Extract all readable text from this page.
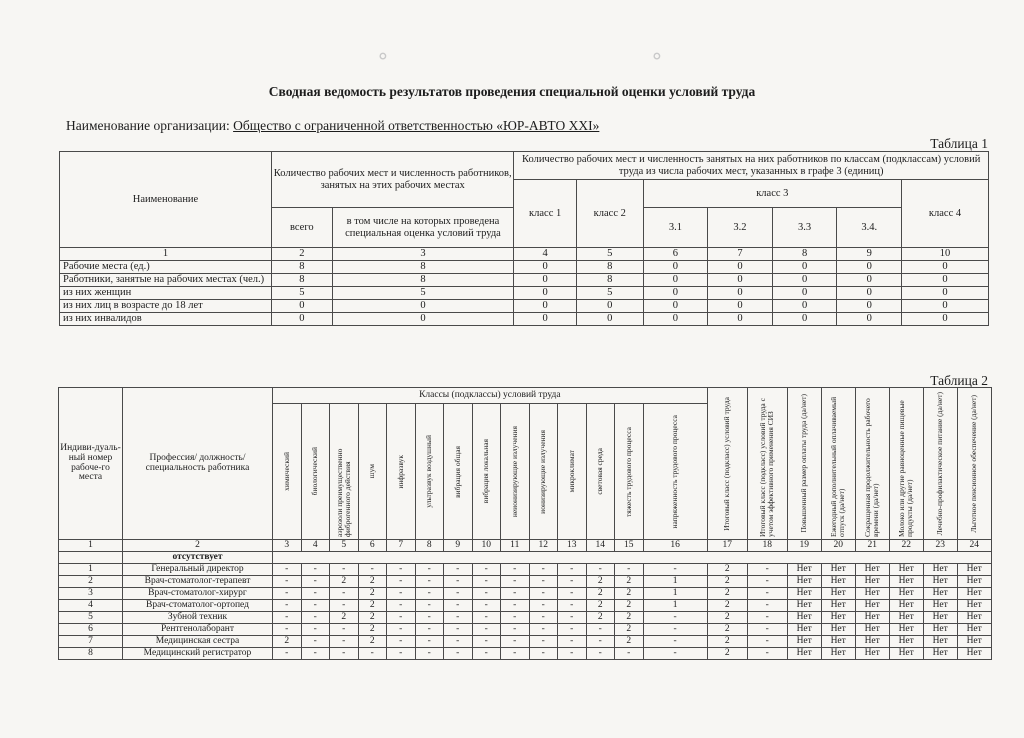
∘	∘
Сводная ведомость результатов проведения специальной оценки условий труда
Наименование организации: Общество с ограниченной ответственностью «ЮР-АВТО XXI»
Таблица 1
Наименование	Количество рабочих мест и численность работников, занятых на этих рабочих местах		Количество рабочих мест и численность занятых на них работников по классам (подклассам) условий труда из числа рабочих мест, указанных в графе 3 (единиц)						
			класс 1	класс 2	класс 3				класс 4
	всего	в том числе на которых проведена специальная оценка условий труда			3.1	3.2	3.3	3.4.	
1	2	3	4	5	6	7	8	9	10
Рабочие места (ед.)	8	8	0	8	0	0	0	0	0
Работники, занятые на рабочих местах (чел.)	8	8	0	8	0	0	0	0	0
из них женщин	5	5	0	5	0	0	0	0	0
из них лиц в возрасте до 18 лет	0	0	0	0	0	0	0	0	0
из них инвалидов	0	0	0	0	0	0	0	0	0
Таблица 2
Индиви-дуаль-ный номер рабоче-го места	Профессия/ должность/ специальность работника	Классы (подклассы) условий труда														Итоговый класс (подкласс) условий труда	Итоговый класс (подкласс) условий труда с учетом эффективного применения СИЗ	Повышенный размер оплаты труда (да/нет)	Ежегодный дополнительный оплачиваемый отпуск (да/нет)	Сокращенная продолжительность рабочего времени (да/нет)	Молоко или другие равноценные пищевые продукты (да/нет)	Лечебно-профилактическое питание (да/нет)	Льготное пенсионное обеспечение (да/нет)

		химический	биологический	аэрозоли преимущественно фиброгенного действия	шум	инфразвук	ультразвук воздушный	вибрация общая	вибрация локальная	неионизирующие излучения	ионизирующие излучения	микроклимат	световая среда	тяжесть трудового процесса	напряженность трудового процесса								

1	2	3	4	5	6	7	8	9	10	11	12	13	14	15	16	17	18	19	20	21	22	23	24
	отсутствует																						
1	Генеральный директор	-	-	-	-	-	-	-	-	-	-	-	-	-	-	2	-	Нет	Нет	Нет	Нет	Нет	Нет
2	Врач-стоматолог-терапевт	-	-	2	2	-	-	-	-	-	-	-	2	2	1	2	-	Нет	Нет	Нет	Нет	Нет	Нет
3	Врач-стоматолог-хирург	-	-	-	2	-	-	-	-	-	-	-	2	2	1	2	-	Нет	Нет	Нет	Нет	Нет	Нет
4	Врач-стоматолог-ортопед	-	-	-	2	-	-	-	-	-	-	-	2	2	1	2	-	Нет	Нет	Нет	Нет	Нет	Нет
5	Зубной техник	-	-	2	2	-	-	-	-	-	-	-	2	2	-	2	-	Нет	Нет	Нет	Нет	Нет	Нет
6	Рентгенолаборант	-	-	-	2	-	-	-	-	-	-	-	-	2	-	2	-	Нет	Нет	Нет	Нет	Нет	Нет
7	Медицинская сестра	2	-	-	2	-	-	-	-	-	-	-	-	2	-	2	-	Нет	Нет	Нет	Нет	Нет	Нет
8	Медицинский регистратор	-	-	-	-	-	-	-	-	-	-	-	-	-	-	2	-	Нет	Нет	Нет	Нет	Нет	Нет
